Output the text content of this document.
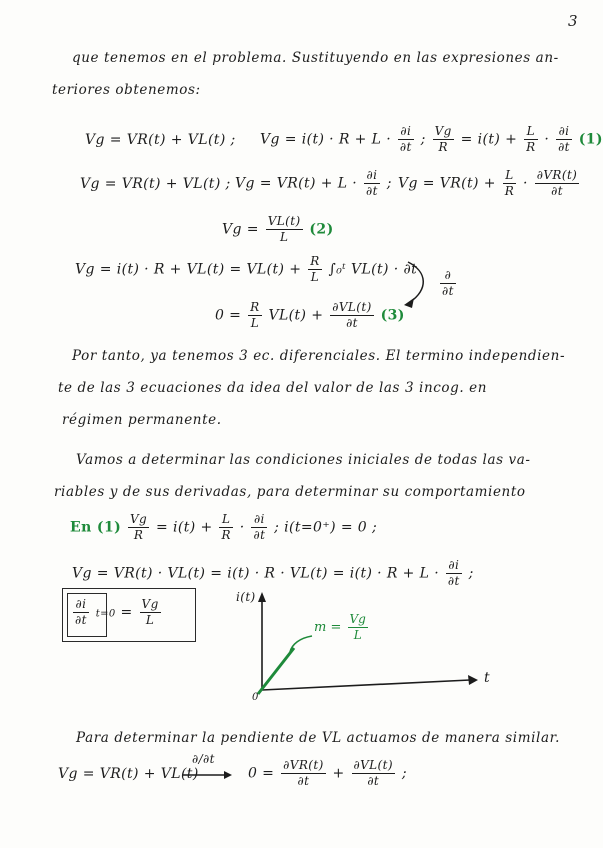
3
que tenemos en el problema. Sustituyendo en las expresiones an-
teriores obtenemos:
Vg = VR(t) + VL(t) ; $Vg = i(t) \cdot R + L \cdot \frac{\partial i}{\partial t}$ ; $\frac{Vg}{R} = i(t) + \frac{L}{R} \cdot \frac{\partial i}{\partial t} (1)$
Vg = VR(t) + VL(t) ; $Vg = VR(t) + L \cdot \frac{\partial i}{\partial t}$ ; $Vg = VR(t) + \frac{L}{R} \cdot \frac{\partial VR(t)}{\partial t}$
$Vg = \frac{VL(t)}{L} (2)$
$Vg = i(t) \cdot R + VL(t) = VL(t) + \frac{R}{L}$ ∫₀ᵗ $VL(t) \cdot \partial t \frac{\partial}{\partial t}$
$0 = \frac{R}{L} VL(t) + \frac{\partial VL(t)}{\partial t} (3)$
Por tanto, ya tenemos 3 ec. diferenciales. El termino independien-
te de las 3 ecuaciones da idea del valor de las 3 incog. en
régimen permanente.
Vamos a determinar las condiciones iniciales de todas las va-
riables y de sus derivadas, para determinar su comportamiento
En $(1) \frac{Vg}{R} = i(t) + \frac{L}{R} \cdot \frac{\partial i}{\partial t}$ ; i(t=0⁺) = 0 ;
$Vg = VR(t) \cdot VL(t) = i(t) \cdot R \cdot VL(t) = i(t) \cdot R + L \cdot \frac{\partial i}{\partial t}$ ;
$\frac{\partial i}{\partial t} t=0 = \frac{Vg}{L}$	i(t)
t
0
$m = \frac{Vg}{L}$
Para determinar la pendiente de VL actuamos de manera similar.
∂/∂t
Vg = VR(t) + VL(t)	$0 = \frac{\partial VR(t)}{\partial t} + \frac{\partial VL(t)}{\partial t}$ ;
